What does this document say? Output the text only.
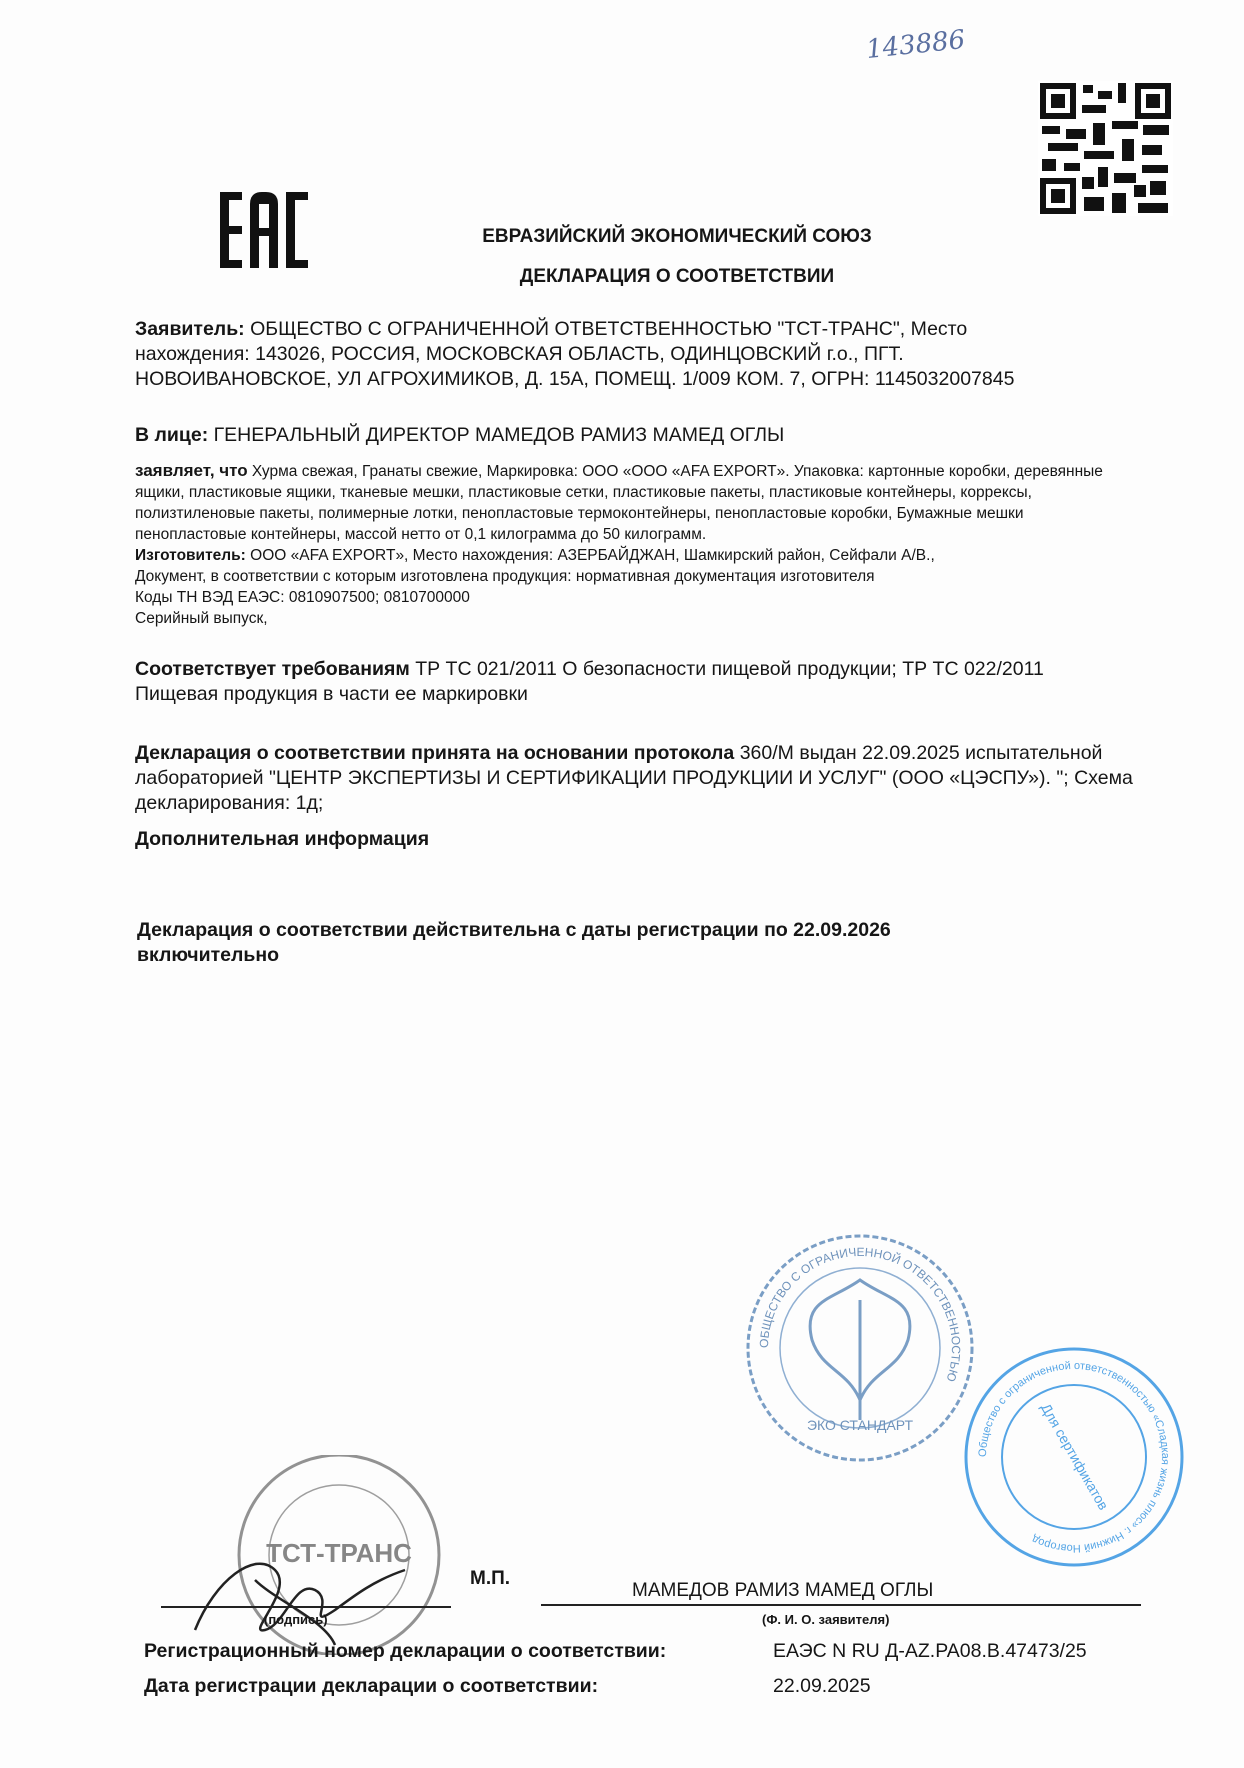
143886
ЕВРАЗИЙСКИЙ ЭКОНОМИЧЕСКИЙ СОЮЗ
ДЕКЛАРАЦИЯ О СООТВЕТСТВИИ
Заявитель: ОБЩЕСТВО С ОГРАНИЧЕННОЙ ОТВЕТСТВЕННОСТЬЮ "ТСТ-ТРАНС", Место нахождения: 143026, РОССИЯ, МОСКОВСКАЯ ОБЛАСТЬ, ОДИНЦОВСКИЙ г.о., ПГТ. НОВОИВАНОВСКОЕ, УЛ АГРОХИМИКОВ, Д. 15А, ПОМЕЩ. 1/009 КОМ. 7, ОГРН: 1145032007845
В лице: ГЕНЕРАЛЬНЫЙ ДИРЕКТОР МАМЕДОВ РАМИЗ МАМЕД ОГЛЫ
заявляет, что Хурма свежая, Гранаты свежие, Маркировка: ООО «ООО «AFA EXPORT». Упаковка: картонные коробки, деревянные ящики, пластиковые ящики, тканевые мешки, пластиковые сетки, пластиковые пакеты, пластиковые контейнеры, коррексы, полизтиленовые пакеты, полимерные лотки, пенопластовые термоконтейнеры, пенопластовые коробки, Бумажные мешки пенопластовые контейнеры, массой нетто от 0,1 килограмма до 50 килограмм.
Изготовитель: ООО «AFA EXPORT», Место нахождения: АЗЕРБАЙДЖАН, Шамкирский район, Сейфали А/В.,
Документ, в соответствии с которым изготовлена продукция: нормативная документация изготовителя
Коды ТН ВЭД ЕАЭС: 0810907500; 0810700000
Серийный выпуск,
Соответствует требованиям ТР ТС 021/2011 О безопасности пищевой продукции; ТР ТС 022/2011 Пищевая продукция в части ее маркировки
Декларация о соответствии принята на основании протокола 360/М выдан 22.09.2025 испытательной лабораторией "ЦЕНТР ЭКСПЕРТИЗЫ И СЕРТИФИКАЦИИ ПРОДУКЦИИ И УСЛУГ" (ООО «ЦЭСПУ»). "; Схема декларирования: 1д;
Дополнительная информация
Декларация о соответствии действительна с даты регистрации по 22.09.2026 включительно
ОБЩЕСТВО С ОГРАНИЧЕННОЙ ОТВЕТСТВЕННОСТЬЮ
ЭКО СТАНДАРТ
Общество с ограниченной ответственностью «Сладкая жизнь плюс» г. Нижний Новгород
Для сертификатов
ТСТ-ТРАНС
(подпись)
М.П.
МАМЕДОВ РАМИЗ МАМЕД ОГЛЫ
(Ф. И. О. заявителя)
Регистрационный номер декларации о соответствии:	ЕАЭС N RU Д-AZ.PA08.B.47473/25
Дата регистрации декларации о соответствии:	22.09.2025
